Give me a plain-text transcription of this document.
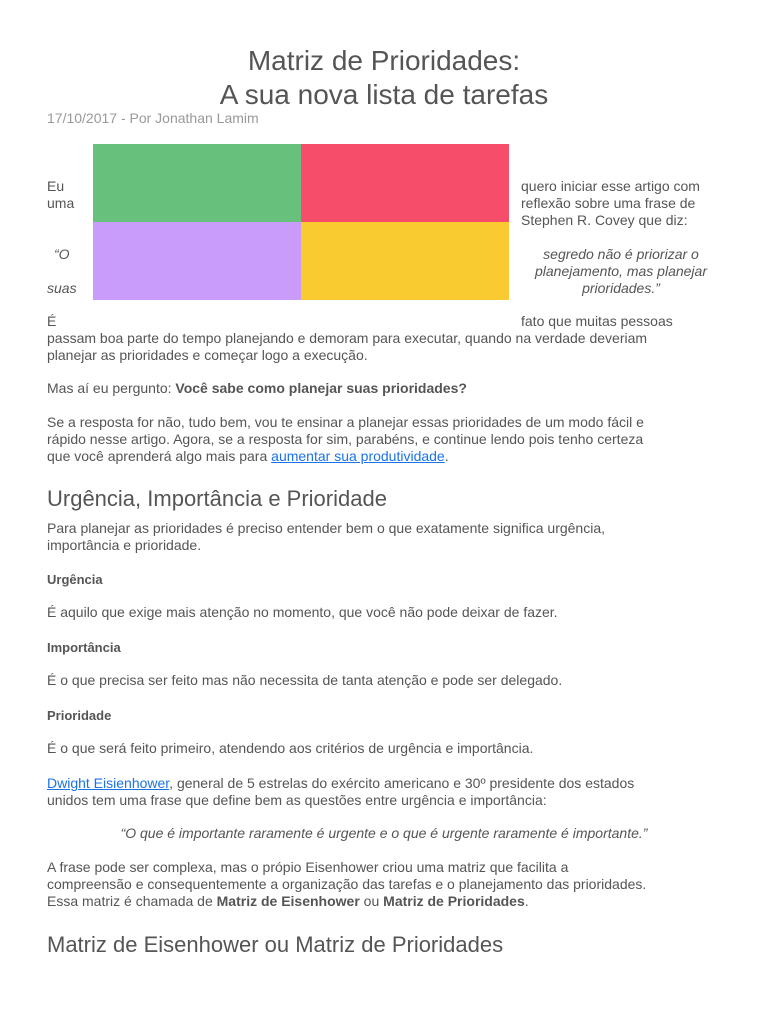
Matriz de Prioridades:
A sua nova lista de tarefas
17/10/2017 - Por Jonathan Lamim
Eu
uma
quero iniciar esse artigo com
reflexão sobre uma frase de
Stephen R. Covey que diz:
“O
suas
segredo não é priorizar o
planejamento, mas planejar
prioridades.”
É	fato que muitas pessoas
passam boa parte do tempo planejando e demoram para executar, quando na verdade deveriam
planejar as prioridades e começar logo a execução.
Mas aí eu pergunto: Você sabe como planejar suas prioridades?
Se a resposta for não, tudo bem, vou te ensinar a planejar essas prioridades de um modo fácil e
rápido nesse artigo. Agora, se a resposta for sim, parabéns, e continue lendo pois tenho certeza
que você aprenderá algo mais para aumentar sua produtividade.
Urgência, Importância e Prioridade
Para planejar as prioridades é preciso entender bem o que exatamente significa urgência,
importância e prioridade.
Urgência
É aquilo que exige mais atenção no momento, que você não pode deixar de fazer.
Importância
É o que precisa ser feito mas não necessita de tanta atenção e pode ser delegado.
Prioridade
É o que será feito primeiro, atendendo aos critérios de urgência e importância.
Dwight Eisienhower, general de 5 estrelas do exército americano e 30º presidente dos estados
unidos tem uma frase que define bem as questões entre urgência e importância:
“O que é importante raramente é urgente e o que é urgente raramente é importante.”
A frase pode ser complexa, mas o própio Eisenhower criou uma matriz que facilita a
compreensão e consequentemente a organização das tarefas e o planejamento das prioridades.
Essa matriz é chamada de Matriz de Eisenhower ou Matriz de Prioridades.
Matriz de Eisenhower ou Matriz de Prioridades
